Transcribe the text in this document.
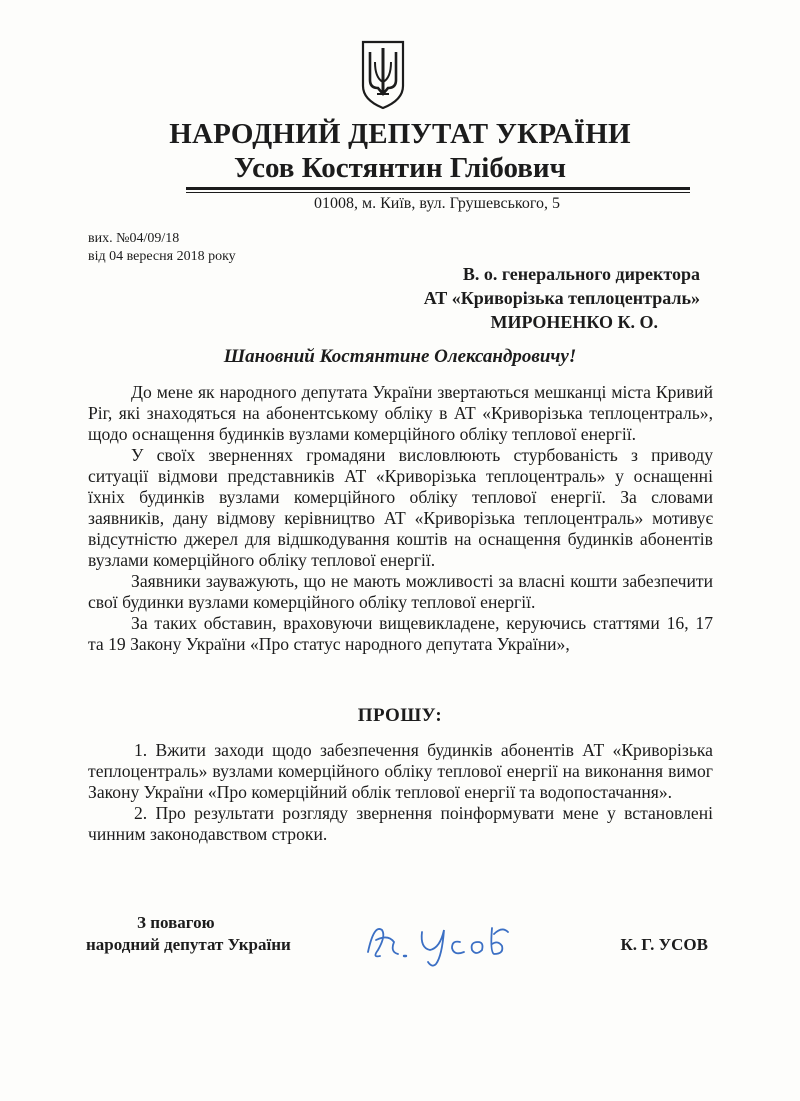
НАРОДНИЙ ДЕПУТАТ УКРАЇНИ
Усов Костянтин Глібович
01008, м. Київ, вул. Грушевського, 5
вих. №04/09/18
від 04 вересня 2018 року
В. о. генерального директора
АТ «Криворізька теплоцентраль»
МИРОНЕНКО К. О.
Шановний Костянтине Олександровичу!

До мене як народного депутата України звертаються мешканці міста Кривий Ріг, які знаходяться на абонентському обліку в АТ «Криворізька теплоцентраль», щодо оснащення будинків вузлами комерційного обліку теплової енергії.

У своїх зверненнях громадяни висловлюють стурбованість з приводу ситуації відмови представників АТ «Криворізька теплоцентраль» у оснащенні їхніх будинків вузлами комерційного обліку теплової енергії. За словами заявників, дану відмову керівництво АТ «Криворізька теплоцентраль» мотивує відсутністю джерел для відшкодування коштів на оснащення будинків абонентів вузлами комерційного обліку теплової енергії.

Заявники зауважують, що не мають можливості за власні кошти забезпечити свої будинки вузлами комерційного обліку теплової енергії.

За таких обставин, враховуючи вищевикладене, керуючись статтями 16, 17 та 19 Закону України «Про статус народного депутата України»,

ПРОШУ:

1. Вжити заходи щодо забезпечення будинків абонентів АТ «Криворізька теплоцентраль» вузлами комерційного обліку теплової енергії на виконання вимог Закону України «Про комерційний облік теплової енергії та водопостачання».

2. Про результати розгляду звернення поінформувати мене у встановлені чинним законодавством строки.

З повагою
народний депутат України	К. Г. УСОВ
